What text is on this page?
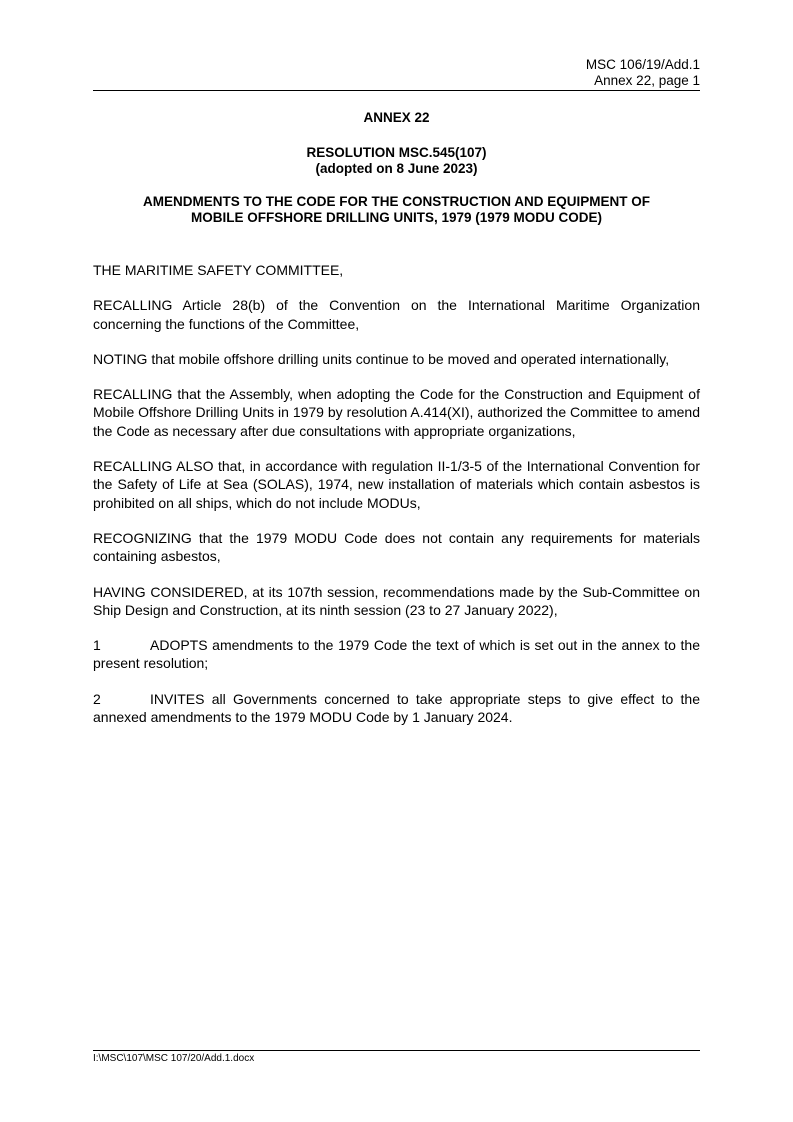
MSC 106/19/Add.1
Annex 22, page 1
ANNEX 22
RESOLUTION MSC.545(107)
(adopted on 8 June 2023)
AMENDMENTS TO THE CODE FOR THE CONSTRUCTION AND EQUIPMENT OF
MOBILE OFFSHORE DRILLING UNITS, 1979 (1979 MODU CODE)

THE MARITIME SAFETY COMMITTEE,

RECALLING Article 28(b) of the Convention on the International Maritime Organization concerning the functions of the Committee,

NOTING that mobile offshore drilling units continue to be moved and operated internationally,

RECALLING that the Assembly, when adopting the Code for the Construction and Equipment of Mobile Offshore Drilling Units in 1979 by resolution A.414(XI), authorized the Committee to amend the Code as necessary after due consultations with appropriate organizations,

RECALLING ALSO that, in accordance with regulation II-1/3-5 of the International Convention for the Safety of Life at Sea (SOLAS), 1974, new installation of materials which contain asbestos is prohibited on all ships, which do not include MODUs,

RECOGNIZING that the 1979 MODU Code does not contain any requirements for materials containing asbestos,

HAVING CONSIDERED, at its 107th session, recommendations made by the Sub-Committee on Ship Design and Construction, at its ninth session (23 to 27 January 2022),

1	ADOPTS amendments to the 1979 Code the text of which is set out in the annex to the present resolution;

2	INVITES all Governments concerned to take appropriate steps to give effect to the annexed amendments to the 1979 MODU Code by 1 January 2024.

I:\MSC\107\MSC 107/20/Add.1.docx
